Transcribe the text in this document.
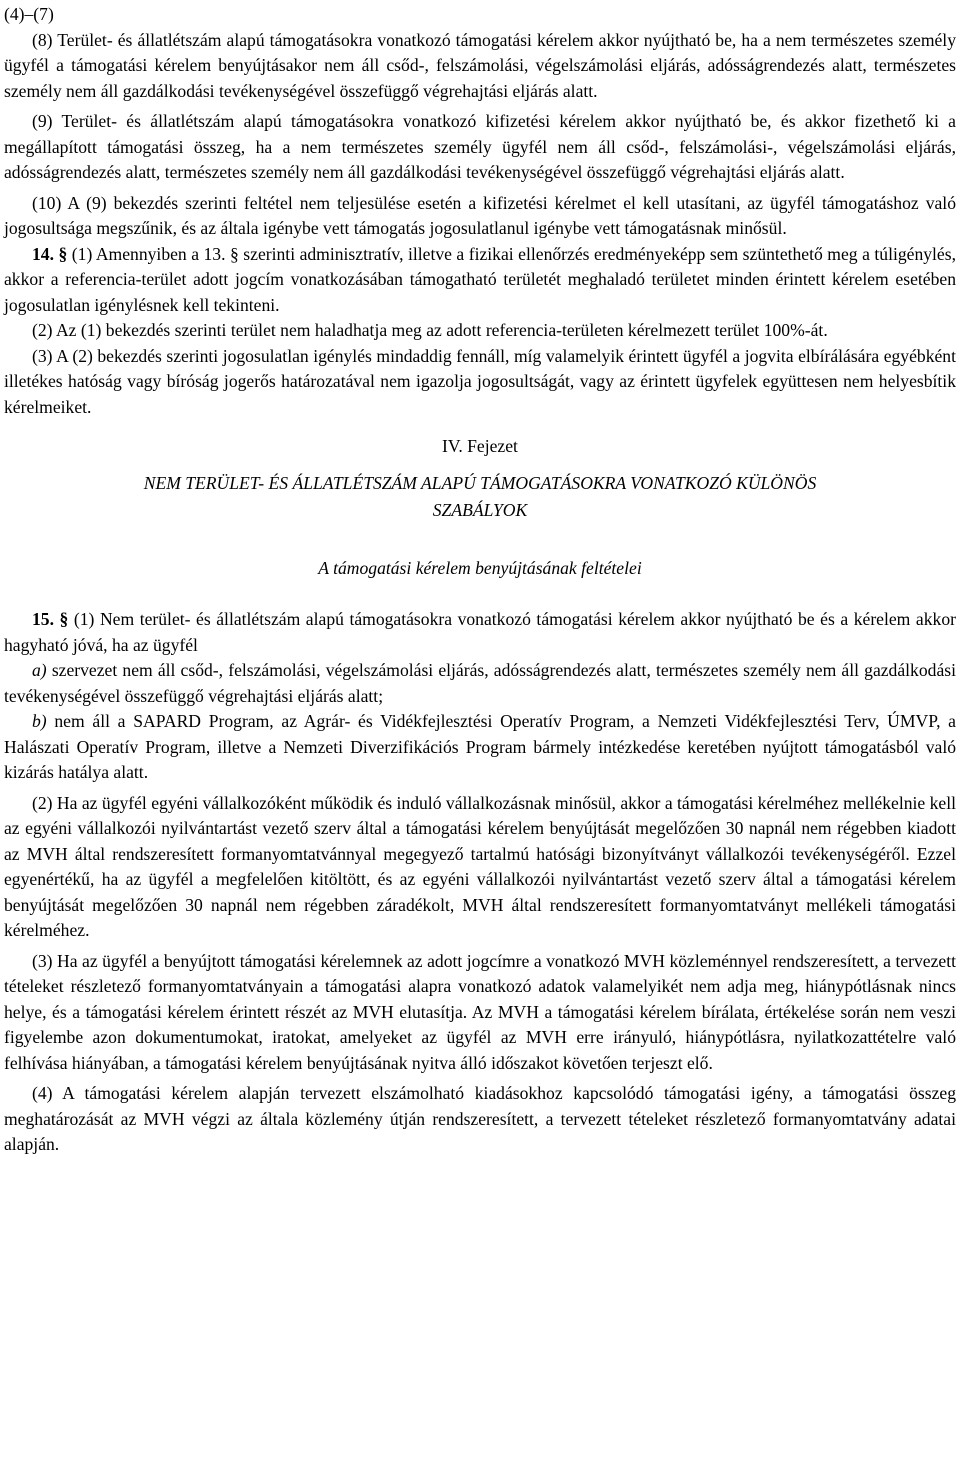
(4)–(7)

(8) Terület- és állatlétszám alapú támogatásokra vonatkozó támogatási kérelem akkor nyújtható be, ha a nem természetes személy ügyfél a támogatási kérelem benyújtásakor nem áll csőd-, felszámolási, végelszámolási eljárás, adósságrendezés alatt, természetes személy nem áll gazdálkodási tevékenységével összefüggő végrehajtási eljárás alatt.

(9) Terület- és állatlétszám alapú támogatásokra vonatkozó kifizetési kérelem akkor nyújtható be, és akkor fizethető ki a megállapított támogatási összeg, ha a nem természetes személy ügyfél nem áll csőd-, felszámolási-, végelszámolási eljárás, adósságrendezés alatt, természetes személy nem áll gazdálkodási tevékenységével összefüggő végrehajtási eljárás alatt.

(10) A (9) bekezdés szerinti feltétel nem teljesülése esetén a kifizetési kérelmet el kell utasítani, az ügyfél támogatáshoz való jogosultsága megszűnik, és az általa igénybe vett támogatás jogosulatlanul igénybe vett támogatásnak minősül.

14. § (1) Amennyiben a 13. § szerinti adminisztratív, illetve a fizikai ellenőrzés eredményeképp sem szüntethető meg a túligénylés, akkor a referencia-terület adott jogcím vonatkozásában támogatható területét meghaladó területet minden érintett kérelem esetében jogosulatlan igénylésnek kell tekinteni.

(2) Az (1) bekezdés szerinti terület nem haladhatja meg az adott referencia-területen kérelmezett terület 100%-át.

(3) A (2) bekezdés szerinti jogosulatlan igénylés mindaddig fennáll, míg valamelyik érintett ügyfél a jogvita elbírálására egyébként illetékes hatóság vagy bíróság jogerős határozatával nem igazolja jogosultságát, vagy az érintett ügyfelek együttesen nem helyesbítik kérelmeiket.

IV. Fejezet

NEM TERÜLET- ÉS ÁLLATLÉTSZÁM ALAPÚ TÁMOGATÁSOKRA VONATKOZÓ KÜLÖNÖS

SZABÁLYOK

A támogatási kérelem benyújtásának feltételei

15. § (1) Nem terület- és állatlétszám alapú támogatásokra vonatkozó támogatási kérelem akkor nyújtható be és a kérelem akkor hagyható jóvá, ha az ügyfél

a) szervezet nem áll csőd-, felszámolási, végelszámolási eljárás, adósságrendezés alatt, természetes személy nem áll gazdálkodási tevékenységével összefüggő végrehajtási eljárás alatt;

b) nem áll a SAPARD Program, az Agrár- és Vidékfejlesztési Operatív Program, a Nemzeti Vidékfejlesztési Terv, ÚMVP, a Halászati Operatív Program, illetve a Nemzeti Diverzifikációs Program bármely intézkedése keretében nyújtott támogatásból való kizárás hatálya alatt.

(2) Ha az ügyfél egyéni vállalkozóként működik és induló vállalkozásnak minősül, akkor a támogatási kérelméhez mellékelnie kell az egyéni vállalkozói nyilvántartást vezető szerv által a támogatási kérelem benyújtását megelőzően 30 napnál nem régebben kiadott az MVH által rendszeresített formanyomtatvánnyal megegyező tartalmú hatósági bizonyítványt vállalkozói tevékenységéről. Ezzel egyenértékű, ha az ügyfél a megfelelően kitöltött, és az egyéni vállalkozói nyilvántartást vezető szerv által a támogatási kérelem benyújtását megelőzően 30 napnál nem régebben záradékolt, MVH által rendszeresített formanyomtatványt mellékeli támogatási kérelméhez.

(3) Ha az ügyfél a benyújtott támogatási kérelemnek az adott jogcímre a vonatkozó MVH közleménnyel rendszeresített, a tervezett tételeket részletező formanyomtatványain a támogatási alapra vonatkozó adatok valamelyikét nem adja meg, hiánypótlásnak nincs helye, és a támogatási kérelem érintett részét az MVH elutasítja. Az MVH a támogatási kérelem bírálata, értékelése során nem veszi figyelembe azon dokumentumokat, iratokat, amelyeket az ügyfél az MVH erre irányuló, hiánypótlásra, nyilatkozattételre való felhívása hiányában, a támogatási kérelem benyújtásának nyitva álló időszakot követően terjeszt elő.

(4) A támogatási kérelem alapján tervezett elszámolható kiadásokhoz kapcsolódó támogatási igény, a támogatási összeg meghatározását az MVH végzi az általa közlemény útján rendszeresített, a tervezett tételeket részletező formanyomtatvány adatai alapján.
